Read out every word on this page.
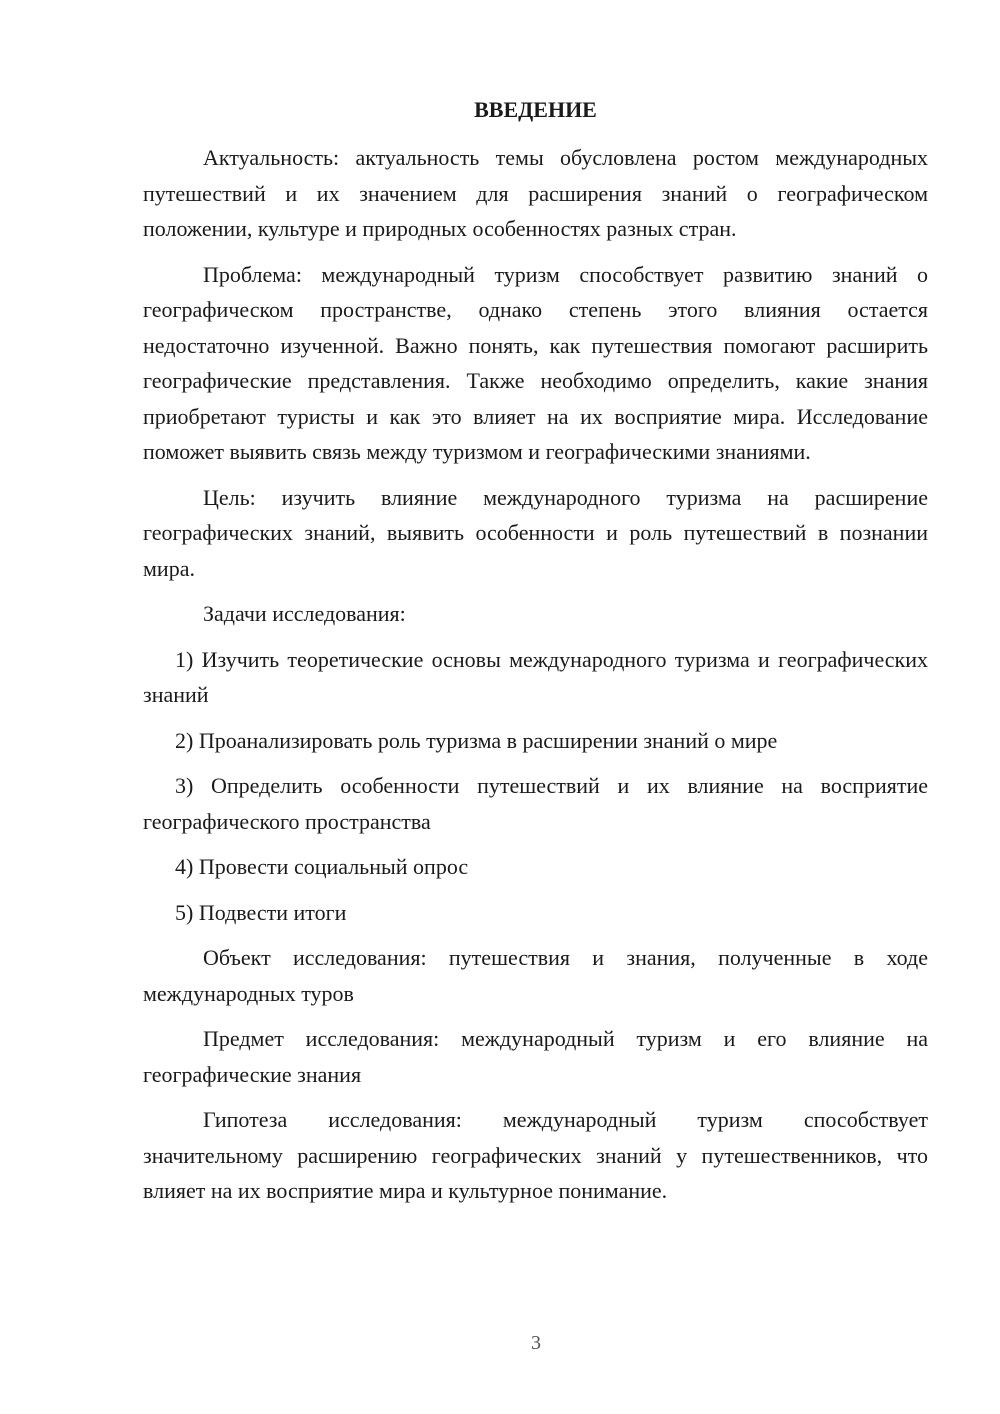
ВВЕДЕНИЕ

Актуальность: актуальность темы обусловлена ростом международных путешествий и их значением для расширения знаний о географическом положении, культуре и природных особенностях разных стран.

Проблема: международный туризм способствует развитию знаний о географическом пространстве, однако степень этого влияния остается недостаточно изученной. Важно понять, как путешествия помогают расширить географические представления. Также необходимо определить, какие знания приобретают туристы и как это влияет на их восприятие мира. Исследование поможет выявить связь между туризмом и географическими знаниями.

Цель: изучить влияние международного туризма на расширение географических знаний, выявить особенности и роль путешествий в познании мира.

Задачи исследования:

1) Изучить теоретические основы международного туризма и географических знаний

2) Проанализировать роль туризма в расширении знаний о мире

3) Определить особенности путешествий и их влияние на восприятие географического пространства

4) Провести социальный опрос

5) Подвести итоги

Объект исследования: путешествия и знания, полученные в ходе международных туров

Предмет исследования: международный туризм и его влияние на географические знания

Гипотеза исследования: международный туризм способствует значительному расширению географических знаний у путешественников, что влияет на их восприятие мира и культурное понимание.

3
